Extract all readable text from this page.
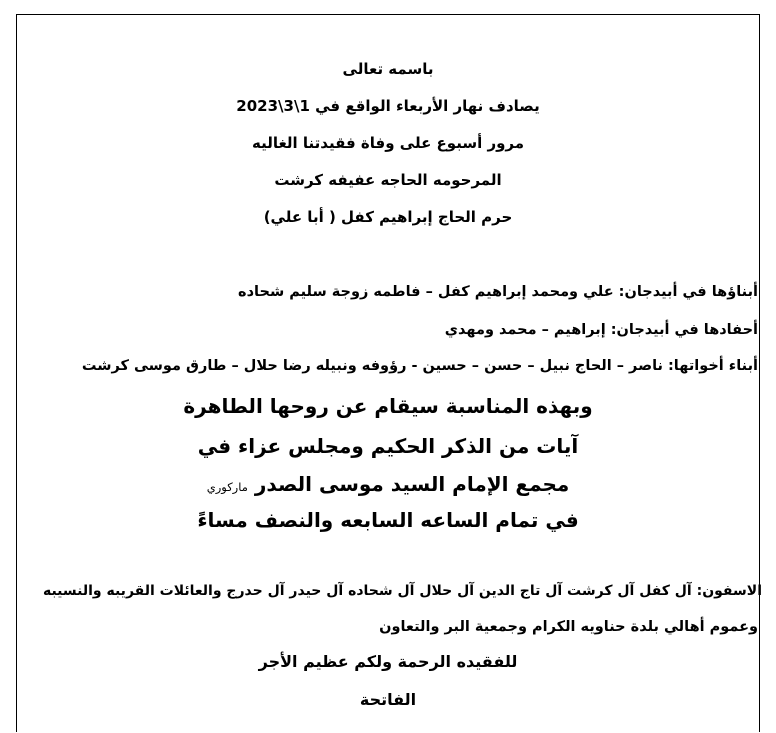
باسمه تعالى
يصادف نهار الأربعاء الواقع في 1\3\2023
مرور أسبوع على وفاة فقيدتنا الغاليه
المرحومه الحاجه عفيفه كرشت
حرم الحاج إبراهيم كفل ( أبا علي)
أبناؤها في أبيدجان: علي ومحمد إبراهيم كفل – فاطمه زوجة سليم شحاده
أحفادها في أبيدجان: إبراهيم – محمد ومهدي
أبناء أخواتها: ناصر – الحاج نبيل – حسن – حسين - رؤوفه ونبيله رضا حلال – طارق موسى كرشت
وبهذه المناسبة سيقام عن روحها الطاهرة
آيات من الذكر الحكيم ومجلس عزاء في
مجمع الإمام السيد موسى الصدر ماركوري
في تمام الساعه السابعه والنصف مساءً
الاسفون: آل كفل آل كرشت آل تاج الدين آل حلال آل شحاده آل حيدر آل حدرج والعائلات القريبه والنسيبه
وعموم أهالي بلدة حناويه الكرام وجمعية البر والتعاون
للفقيده الرحمة ولكم عظيم الأجر
الفاتحة
